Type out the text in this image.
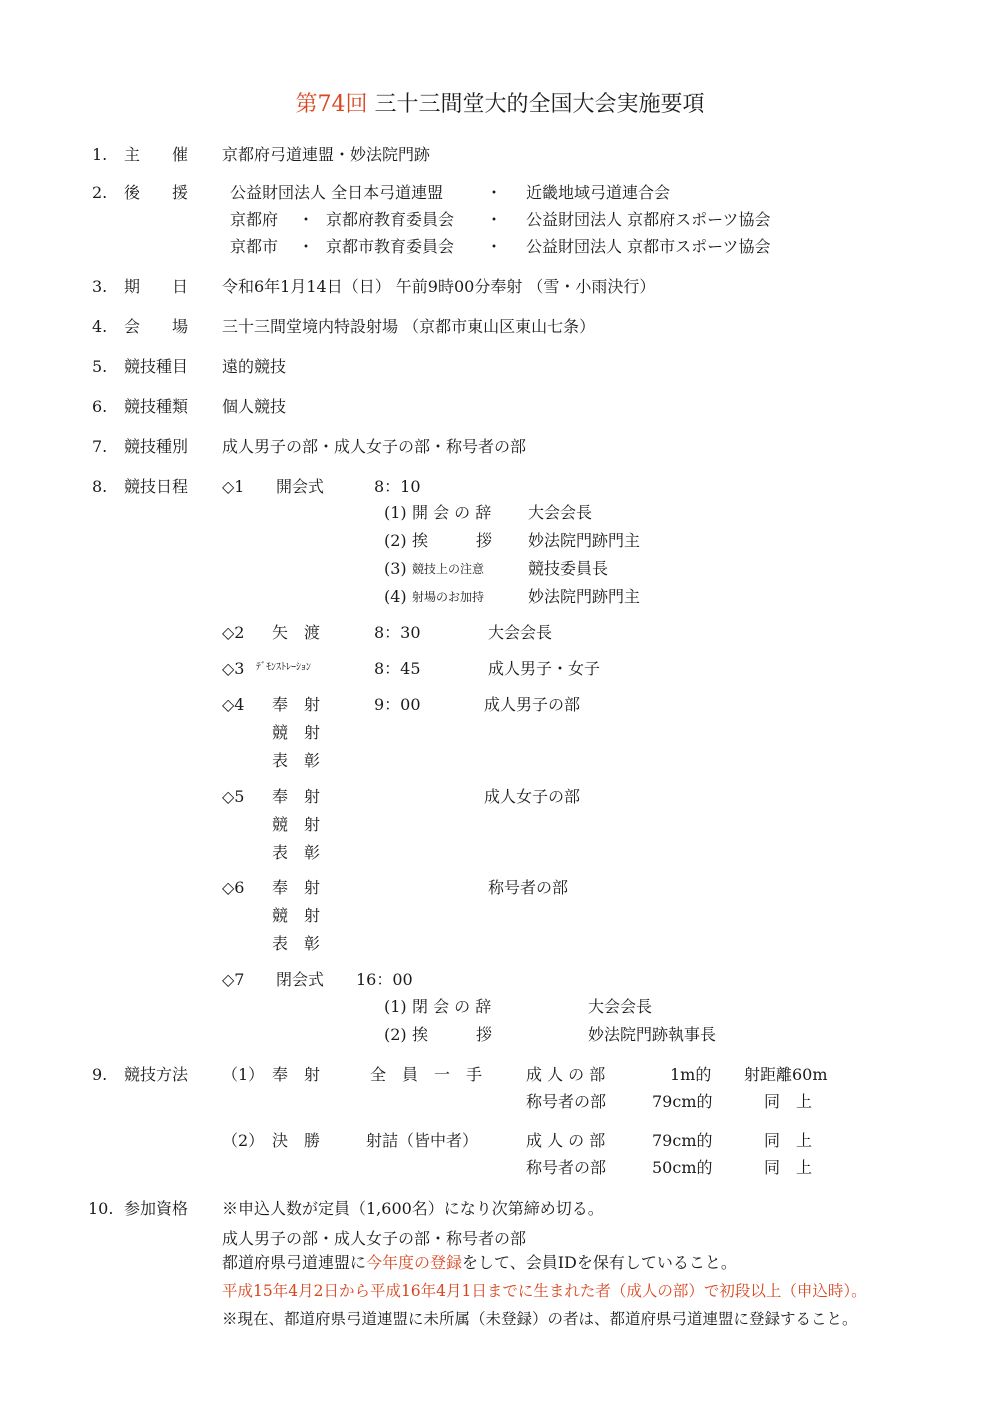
第74回 三十三間堂大的全国大会実施要項
1. 主　　催 京都府弓道連盟・妙法院門跡
2. 後　　援	公益財団法人 全日本弓道連盟	・ 近畿地域弓道連合会
京都府 ・ 京都府教育委員会 ・ 公益財団法人 京都府スポーツ協会
京都市 ・ 京都市教育委員会 ・ 公益財団法人 京都市スポーツ協会
3. 期　　日 令和6年1月14日（日） 午前9時00分奉射 （雪・小雨決行）
4. 会　　場 三十三間堂境内特設射場 （京都市東山区東山七条）
5. 競技種目 遠的競技
6. 競技種類 個人競技
7. 競技種別 成人男子の部・成人女子の部・称号者の部
8. 競技日程 ◇1 開会式	8：10
(1) 開 会 の 辞 大会会長
(2) 挨　　　拶 妙法院門跡門主
(3) 競技上の注意	競技委員長
(4) 射場のお加持	妙法院門跡門主
◇2 矢　渡	8：30	大会会長
◇3 ﾃﾞﾓﾝｽﾄﾚｰｼｮﾝ	8：45	成人男子・女子
◇4 奉　射	9：00	成人男子の部
競　射
表　彰
◇5 奉　射	成人女子の部
競　射
表　彰
◇6 奉　射	称号者の部
競　射
表　彰
◇7 閉会式 16：00
(1) 閉 会 の 辞	大会会長
(2) 挨　　　拶	妙法院門跡執事長
9. 競技方法 （1） 奉　射	全　員　一　手	成 人 の 部	1m的 射距離60m
称号者の部	79cm的	同　上
（2） 決　勝	射詰（皆中者）	成 人 の 部	79cm的	同　上
称号者の部	50cm的	同　上
10. 参加資格 ※申込人数が定員（1,600名）になり次第締め切る。
成人男子の部・成人女子の部・称号者の部
都道府県弓道連盟に今年度の登録をして、会員IDを保有していること。
平成15年4月2日から平成16年4月1日までに生まれた者（成人の部）で初段以上（申込時）。
※現在、都道府県弓道連盟に未所属（未登録）の者は、都道府県弓道連盟に登録すること。
